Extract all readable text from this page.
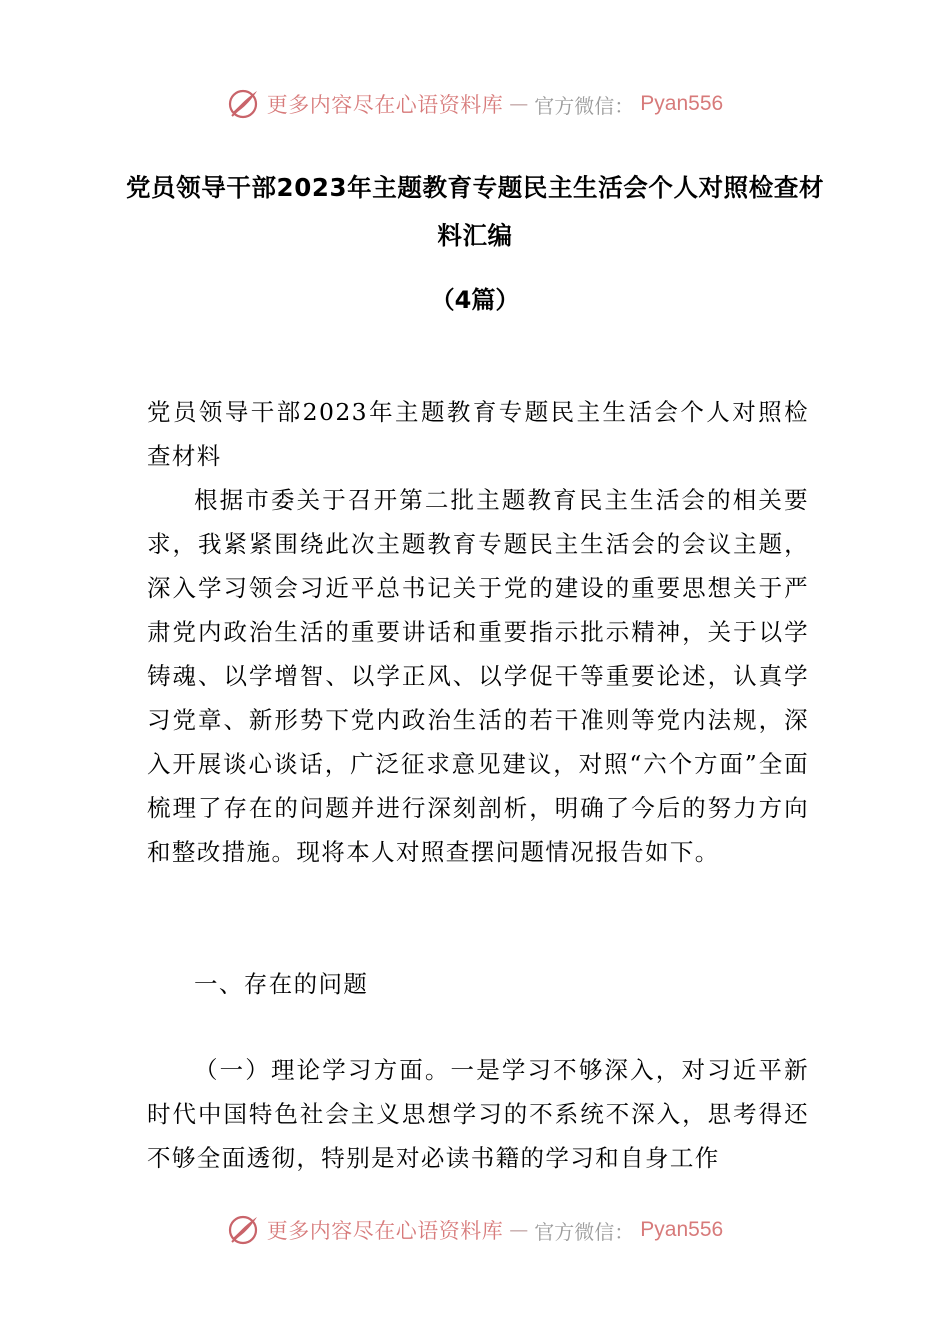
更多内容尽在心语资料库 — 官方微信： Pyan556
党员领导干部2023年主题教育专题民主生活会个人对照检查材料汇编
（4篇）
党员领导干部2023年主题教育专题民主生活会个人对照检查材料
根据市委关于召开第二批主题教育民主生活会的相关要求，我紧紧围绕此次主题教育专题民主生活会的会议主题，深入学习领会习近平总书记关于党的建设的重要思想关于严肃党内政治生活的重要讲话和重要指示批示精神，关于以学铸魂、以学增智、以学正风、以学促干等重要论述，认真学习党章、新形势下党内政治生活的若干准则等党内法规，深入开展谈心谈话，广泛征求意见建议，对照“六个方面”全面梳理了存在的问题并进行深刻剖析，明确了今后的努力方向和整改措施。现将本人对照查摆问题情况报告如下。
一、存在的问题
（一）理论学习方面。一是学习不够深入，对习近平新时代中国特色社会主义思想学习的不系统不深入，思考得还不够全面透彻，特别是对必读书籍的学习和自身工作
更多内容尽在心语资料库 — 官方微信： Pyan556
